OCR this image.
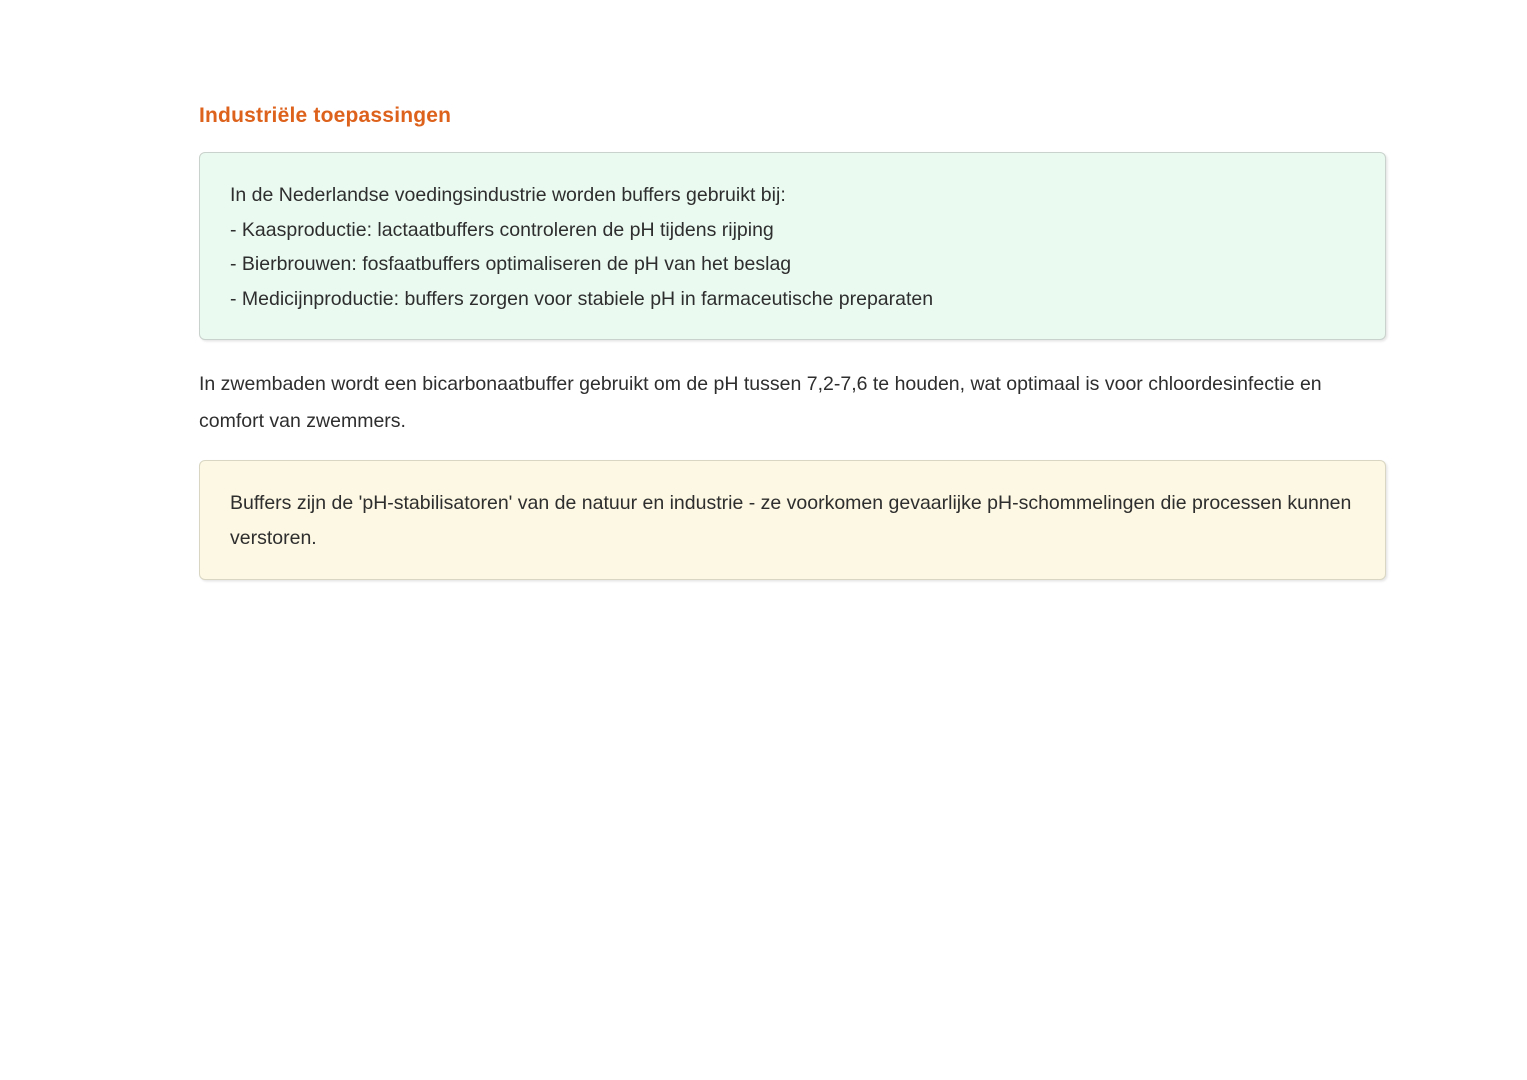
Industriële toepassingen
In de Nederlandse voedingsindustrie worden buffers gebruikt bij:
- Kaasproductie: lactaatbuffers controleren de pH tijdens rijping
- Bierbrouwen: fosfaatbuffers optimaliseren de pH van het beslag
- Medicijnproductie: buffers zorgen voor stabiele pH in farmaceutische preparaten

In zwembaden wordt een bicarbonaatbuffer gebruikt om de pH tussen 7,2-7,6 te houden, wat optimaal is voor chloordesinfectie en comfort van zwemmers.

Buffers zijn de 'pH-stabilisatoren' van de natuur en industrie - ze voorkomen gevaarlijke pH-schommelingen die processen kunnen verstoren.
